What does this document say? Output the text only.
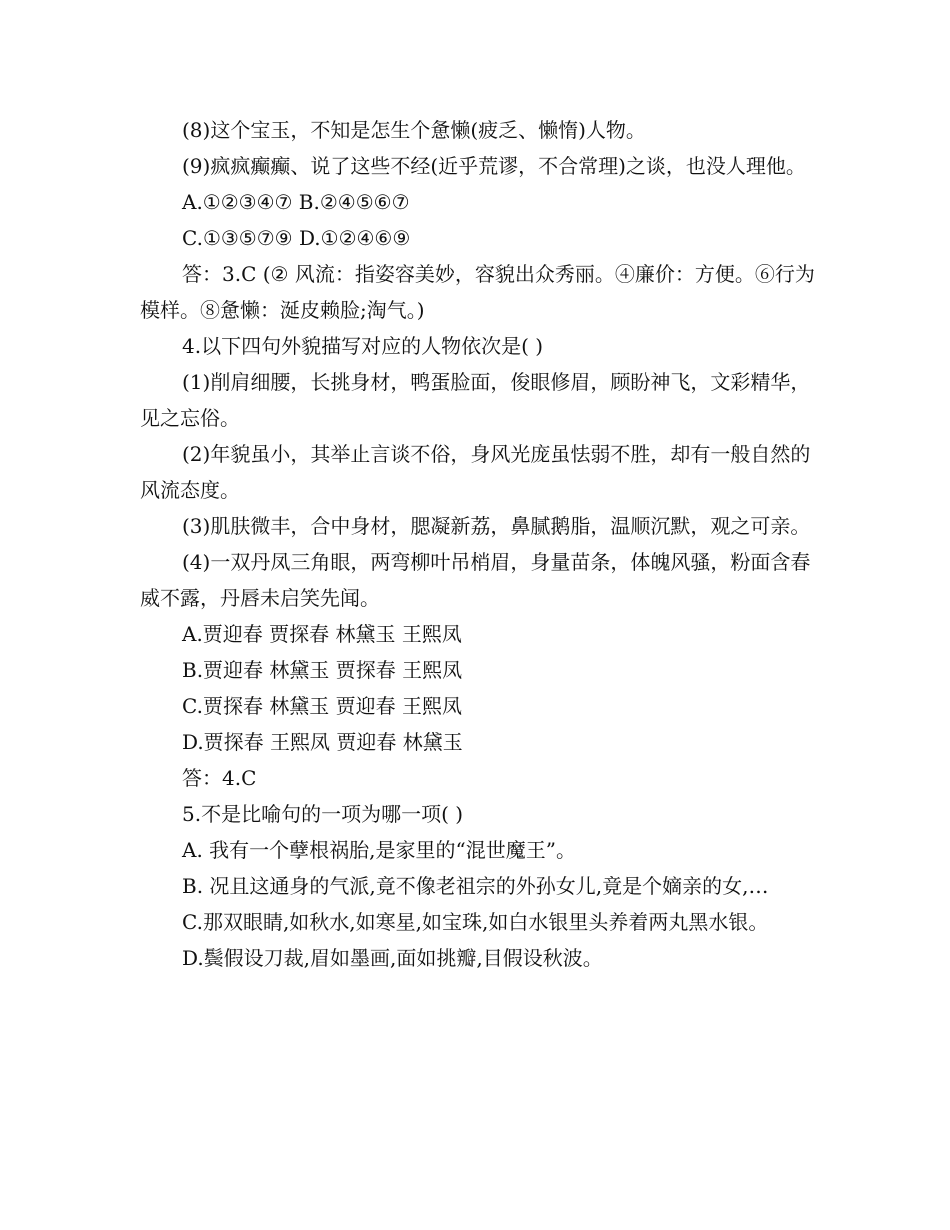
(8)这个宝玉，不知是怎生个惫懒(疲乏、懒惰)人物。

(9)疯疯癫癫、说了这些不经(近乎荒谬，不合常理)之谈，也没人理他。

A.①②③④⑦ B.②④⑤⑥⑦

C.①③⑤⑦⑨ D.①②④⑥⑨

答：3.C (② 风流：指姿容美妙，容貌出众秀丽。④廉价：方便。⑥行为模样。⑧惫懒：涎皮赖脸;淘气。)

4.以下四句外貌描写对应的人物依次是( )

(1)削肩细腰，长挑身材，鸭蛋脸面，俊眼修眉，顾盼神飞，文彩精华，见之忘俗。

(2)年貌虽小，其举止言谈不俗，身风光庞虽怯弱不胜，却有一般自然的风流态度。

(3)肌肤微丰，合中身材，腮凝新荔，鼻腻鹅脂，温顺沉默，观之可亲。

(4)一双丹凤三角眼，两弯柳叶吊梢眉，身量苗条，体魄风骚，粉面含春威不露，丹唇未启笑先闻。

A.贾迎春 贾探春 林黛玉 王熙凤

B.贾迎春 林黛玉 贾探春 王熙凤

C.贾探春 林黛玉 贾迎春 王熙凤

D.贾探春 王熙凤 贾迎春 林黛玉

答：4.C

5.不是比喻句的一项为哪一项( )

A. 我有一个孽根祸胎,是家里的“混世魔王”。

B. 况且这通身的气派,竟不像老祖宗的外孙女儿,竟是个嫡亲的女,…

C.那双眼睛,如秋水,如寒星,如宝珠,如白水银里头养着两丸黑水银。

D.鬓假设刀裁,眉如墨画,面如挑瓣,目假设秋波。
